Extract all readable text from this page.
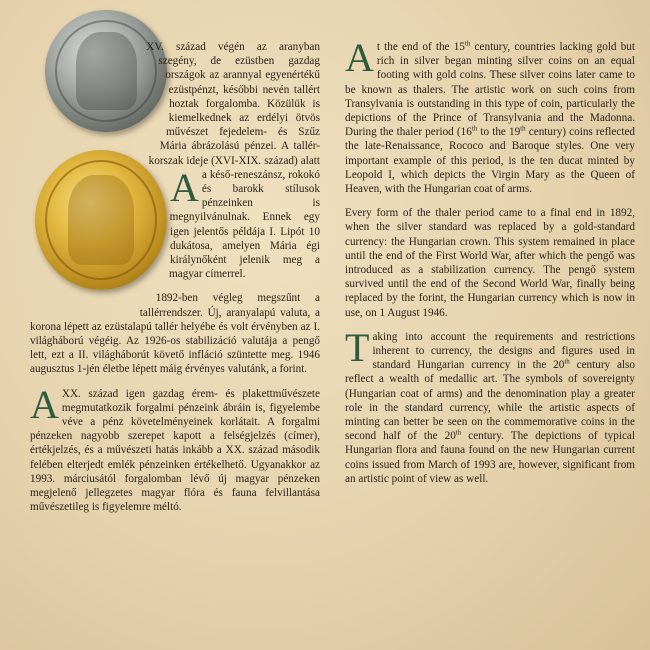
A
XV. század végén az aranyban szegény, de ezüstben gazdag országok az arannyal egyenértékű ezüstpénzt, későbbi nevén tallért hoztak forgalomba. Közülük is kiemelkednek az erdélyi ötvös művészet fejedelem- és Szűz Mária ábrázolású pénzei. A tallér-korszak ideje (XVI-XIX. század) alatt a késő-reneszánsz, rokokó és barokk stílusok pénzeinken is megnyilvánulnak. Ennek egy igen jelentős példája I. Lipót 10 dukátosa, amelyen Mária égi királynőként jelenik meg a magyar címerrel.

1892-ben végleg megszűnt a tallérrendszer. Új, aranyalapú valuta, a korona lépett az ezüstalapú tallér helyébe és volt érvényben az I. világháború végéig. Az 1926-os stabilizáció valutája a pengő lett, ezt a II. világháborút követő infláció szüntette meg. 1946 augusztus 1-jén életbe lépett máig érvényes valutánk, a forint.

AXX. század igen gazdag érem- és plakettművészete megmutatkozik forgalmi pénzeink ábráin is, figyelembe véve a pénz követelményeinek korlátait. A forgalmi pénzeken nagyobb szerepet kapott a felségjelzés (címer), értékjelzés, és a művészeti hatás inkább a XX. század második felében elterjedt emlék pénzeinken értékelhető. Ugyanakkor az 1993. márciusától forgalomban lévő új magyar pénzeken megjelenő jellegzetes magyar flóra és fauna felvillantása művészetileg is figyelemre méltó.

At the end of the 15th century, countries lacking gold but rich in silver began minting silver coins on an equal footing with gold coins. These silver coins later came to be known as thalers. The artistic work on such coins from Transylvania is outstanding in this type of coin, particularly the depictions of the Prince of Transylvania and the Madonna. During the thaler period (16th to the 19th century) coins reflected the late-Renaissance, Rococo and Baroque styles. One very important example of this period, is the ten ducat minted by Leopold I, which depicts the Virgin Mary as the Queen of Heaven, with the Hungarian coat of arms.

Every form of the thaler period came to a final end in 1892, when the silver standard was replaced by a gold-standard currency: the Hungarian crown. This system remained in place until the end of the First World War, after which the pengő was introduced as a stabilization currency. The pengő system survived until the end of the Second World War, finally being replaced by the forint, the Hungarian currency which is now in use, on 1 August 1946.

Taking into account the requirements and restrictions inherent to currency, the designs and figures used in standard Hungarian currency in the 20th century also reflect a wealth of medallic art. The symbols of sovereignty (Hungarian coat of arms) and the denomination play a greater role in the standard currency, while the artistic aspects of minting can better be seen on the commemorative coins in the second half of the 20th century. The depictions of typical Hungarian flora and fauna found on the new Hungarian current coins issued from March of 1993 are, however, significant from an artistic point of view as well.
